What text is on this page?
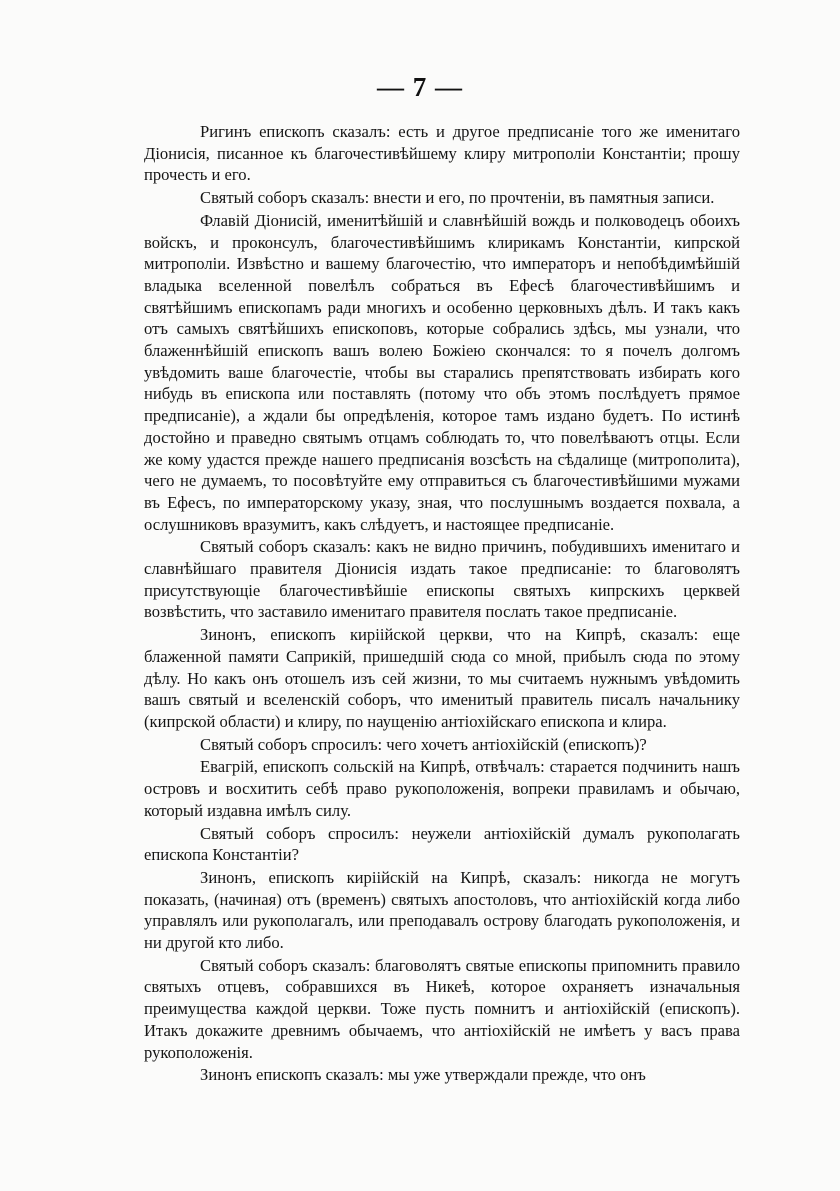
— 7 —

Ригинъ епископъ сказалъ: есть и другое предписаніе того же именитаго Діонисія, писанное къ благочестивѣйшему клиру митрополіи Константіи; прошу прочесть и его.

Святый соборъ сказалъ: внести и его, по прочтеніи, въ памятныя записи.

Флавій Діонисій, именитѣйшій и славнѣйшій вождь и полководецъ обоихъ войскъ, и проконсулъ, благочестивѣйшимъ клирикамъ Константіи, кипрской митрополіи. Извѣстно и вашему благочестію, что императоръ и непобѣдимѣйшій владыка вселенной повелѣлъ собраться въ Ефесѣ благочестивѣйшимъ и святѣйшимъ епископамъ ради многихъ и особенно церковныхъ дѣлъ. И такъ какъ отъ самыхъ святѣйшихъ епископовъ, которые собрались здѣсь, мы узнали, что блаженнѣйшій епископъ вашъ волею Божіею скончался: то я почелъ долгомъ увѣдомить ваше благочестіе, чтобы вы старались препятствовать избирать кого нибудь въ епископа или поставлять (потому что объ этомъ послѣдуетъ прямое предписаніе), а ждали бы опредѣленія, которое тамъ издано будетъ. По истинѣ достойно и праведно святымъ отцамъ соблюдать то, что повелѣваютъ отцы. Если же кому удастся прежде нашего предписанія возсѣсть на сѣдалище (митрополита), чего не думаемъ, то посовѣтуйте ему отправиться съ благочестивѣйшими мужами въ Ефесъ, по императорскому указу, зная, что послушнымъ воздается похвала, а ослушниковъ вразумитъ, какъ слѣдуетъ, и настоящее предписаніе.

Святый соборъ сказалъ: какъ не видно причинъ, побудившихъ именитаго и славнѣйшаго правителя Діонисія издать такое предписаніе: то благоволятъ присутствующіе благочестивѣйшіе епископы святыхъ кипрскихъ церквей возвѣстить, что заставило именитаго правителя послать такое предписаніе.

Зинонъ, епископъ киріійской церкви, что на Кипрѣ, сказалъ: еще блаженной памяти Саприкій, пришедшій сюда со мной, прибылъ сюда по этому дѣлу. Но какъ онъ отошелъ изъ сей жизни, то мы считаемъ нужнымъ увѣдомить вашъ святый и вселенскій соборъ, что именитый правитель писалъ начальнику (кипрской области) и клиру, по наущенію антіохійскаго епископа и клира.

Святый соборъ спросилъ: чего хочетъ антіохійскій (епископъ)?

Евагрій, епископъ сольскій на Кипрѣ, отвѣчалъ: старается подчинить нашъ островъ и восхитить себѣ право рукоположенія, вопреки правиламъ и обычаю, который издавна имѣлъ силу.

Святый соборъ спросилъ: неужели антіохійскій думалъ рукополагать епископа Константіи?

Зинонъ, епископъ киріійскій на Кипрѣ, сказалъ: никогда не могутъ показать, (начиная) отъ (временъ) святыхъ апостоловъ, что антіохійскій когда либо управлялъ или рукополагалъ, или преподавалъ острову благодать рукоположенія, и ни другой кто либо.

Святый соборъ сказалъ: благоволятъ святые епископы припомнить правило святыхъ отцевъ, собравшихся въ Никеѣ, которое охраняетъ изначальныя преимущества каждой церкви. Тоже пусть помнитъ и антіохійскій (епископъ). Итакъ докажите древнимъ обычаемъ, что антіохійскій не имѣетъ у васъ права рукоположенія.

Зинонъ епископъ сказалъ: мы уже утверждали прежде, что онъ
